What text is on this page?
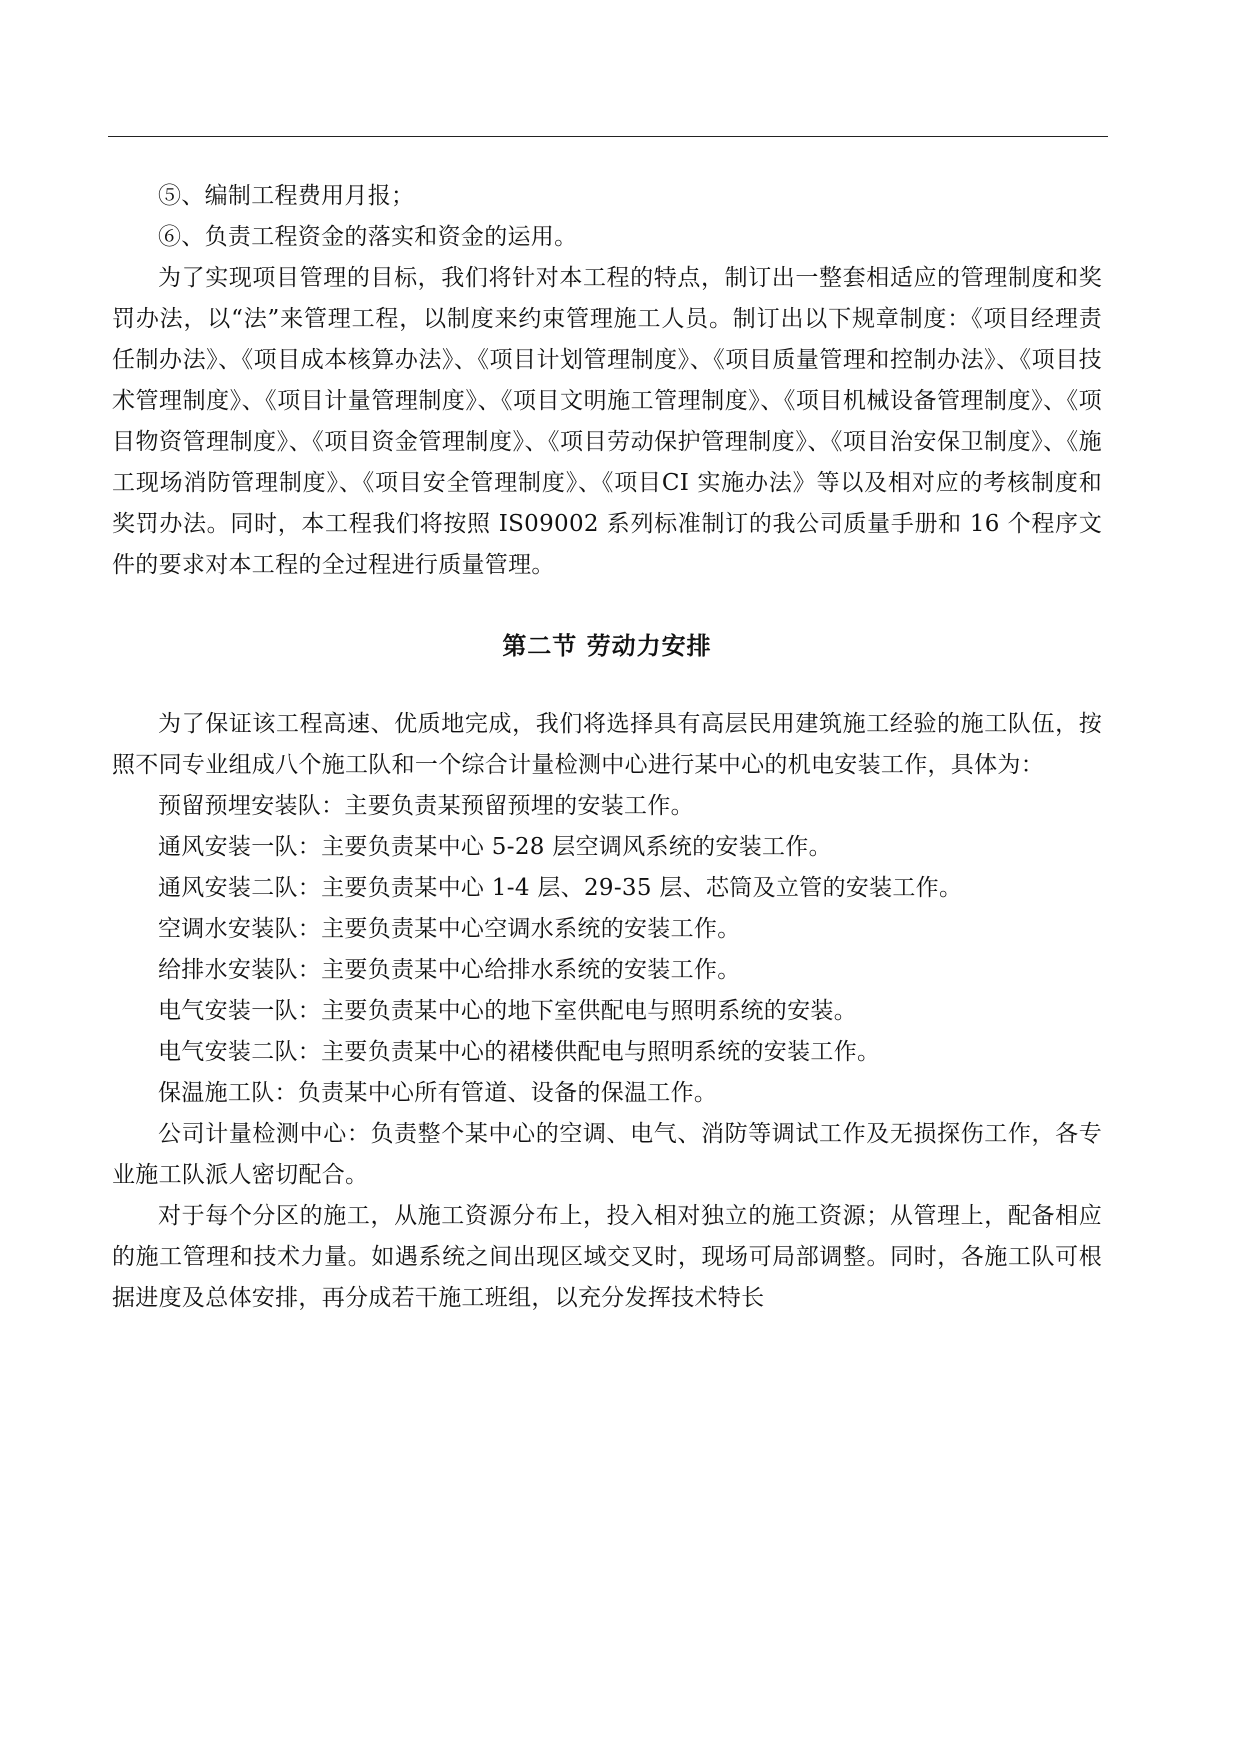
⑤、编制工程费用月报；

⑥、负责工程资金的落实和资金的运用。

为了实现项目管理的目标，我们将针对本工程的特点，制订出一整套相适应的管理制度和奖罚办法，以“法”来管理工程，以制度来约束管理施工人员。制订出以下规章制度：《项目经理责任制办法》、《项目成本核算办法》、《项目计划管理制度》、《项目质量管理和控制办法》、《项目技术管理制度》、《项目计量管理制度》、《项目文明施工管理制度》、《项目机械设备管理制度》、《项目物资管理制度》、《项目资金管理制度》、《项目劳动保护管理制度》、《项目治安保卫制度》、《施工现场消防管理制度》、《项目安全管理制度》、《项目CI 实施办法》等以及相对应的考核制度和奖罚办法。同时，本工程我们将按照 IS09002 系列标准制订的我公司质量手册和 16 个程序文件的要求对本工程的全过程进行质量管理。

第二节 劳动力安排

为了保证该工程高速、优质地完成，我们将选择具有高层民用建筑施工经验的施工队伍，按照不同专业组成八个施工队和一个综合计量检测中心进行某中心的机电安装工作，具体为：

预留预埋安装队：主要负责某预留预埋的安装工作。

通风安装一队：主要负责某中心 5-28 层空调风系统的安装工作。

通风安装二队：主要负责某中心 1-4 层、29-35 层、芯筒及立管的安装工作。

空调水安装队：主要负责某中心空调水系统的安装工作。

给排水安装队：主要负责某中心给排水系统的安装工作。

电气安装一队：主要负责某中心的地下室供配电与照明系统的安装。

电气安装二队：主要负责某中心的裙楼供配电与照明系统的安装工作。

保温施工队：负责某中心所有管道、设备的保温工作。

公司计量检测中心：负责整个某中心的空调、电气、消防等调试工作及无损探伤工作，各专业施工队派人密切配合。

对于每个分区的施工，从施工资源分布上，投入相对独立的施工资源；从管理上，配备相应的施工管理和技术力量。如遇系统之间出现区域交叉时，现场可局部调整。同时，各施工队可根据进度及总体安排，再分成若干施工班组，以充分发挥技术特长
